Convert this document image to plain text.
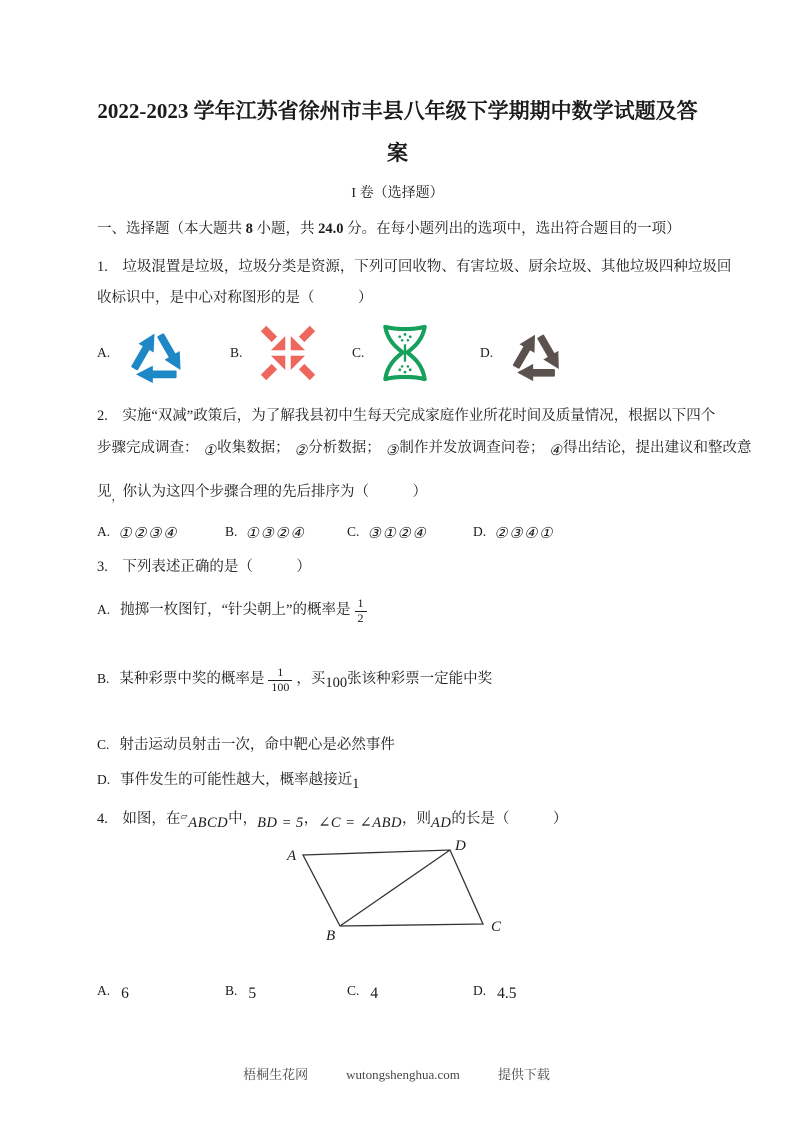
2022-2023 学年江苏省徐州市丰县八年级下学期期中数学试题及答
案
I 卷（选择题）
一、选择题（本大题共 8 小题，共 24.0 分。在每小题列出的选项中，选出符合题目的一项）
1.　垃圾混置是垃圾，垃圾分类是资源，下列可回收物、有害垃圾、厨余垃圾、其他垃圾四种垃圾回
收标识中，是中心对称图形的是（　　　）
A.	B.	C.	D.
2.　实施“双减”政策后，为了解我县初中生每天完成家庭作业所花时间及质量情况，根据以下四个
步骤完成调查： ①收集数据； ②分析数据； ③制作并发放调查问卷； ④得出结论，提出建议和整改意
见$_,$你认为这四个步骤合理的先后排序为（　　　）
A. ①②③④	B. ①③②④	C. ③①②④	D. ②③④①
3.　下列表述正确的是（　　　）
A. 抛掷一枚图钉，“针尖朝上”的概率是 $\frac{1}{2}$
B. 某种彩票中奖的概率是 $\frac{1}{100}$ ，买100张该种彩票一定能中奖
C. 射击运动员射击一次，命中靶心是必然事件
D. 事件发生的可能性越大，概率越接近1
4.　如图，在▱ABCD中，BD = 5，∠C = ∠ABD，则AD的长是（　　　）
A
D
B
C
A. 6	B. 5	C. 4	D. 4.5
梧桐生花网	wutongshenghua.com	提供下载
